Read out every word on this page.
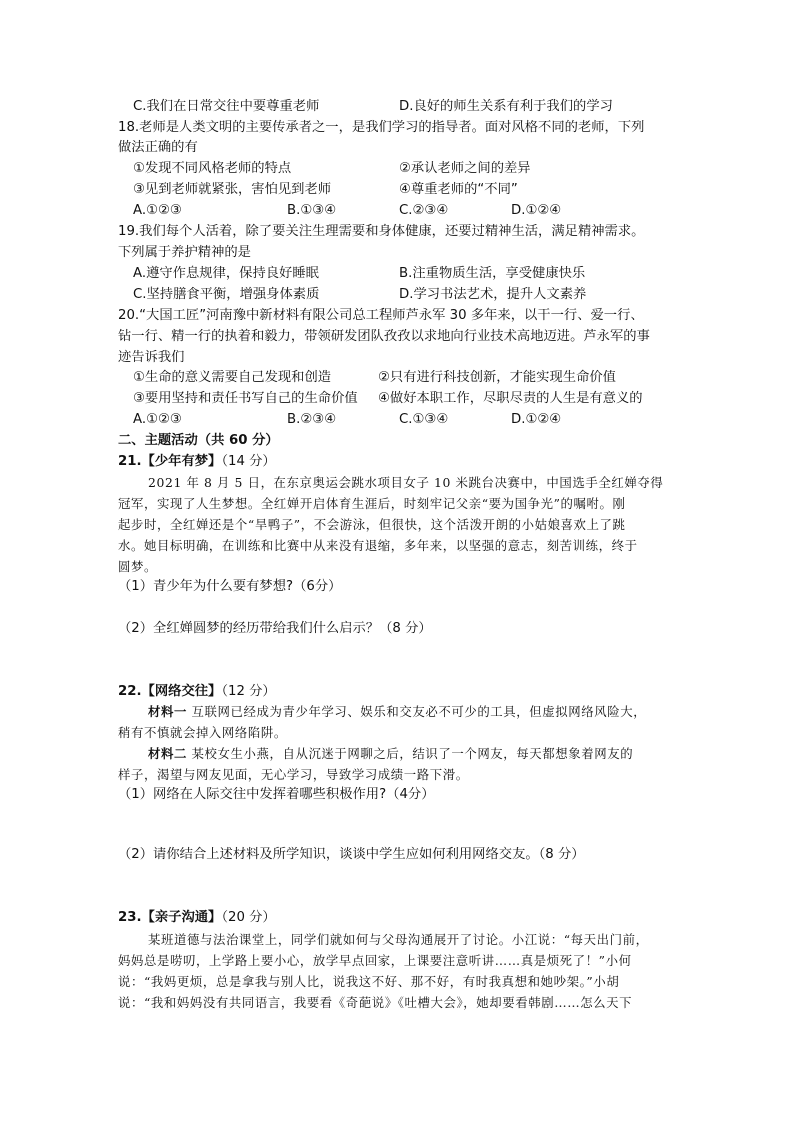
C.我们在日常交往中要尊重老师	D.良好的师生关系有利于我们的学习
18.老师是人类文明的主要传承者之一，是我们学习的指导者。面对风格不同的老师，下列
做法正确的有
①发现不同风格老师的特点	②承认老师之间的差异
③见到老师就紧张，害怕见到老师	④尊重老师的“不同”
A.①②③	B.①③④	C.②③④	D.①②④
19.我们每个人活着，除了要关注生理需要和身体健康，还要过精神生活，满足精神需求。
下列属于养护精神的是
A.遵守作息规律，保持良好睡眠	B.注重物质生活，享受健康快乐
C.坚持膳食平衡，增强身体素质	D.学习书法艺术，提升人文素养
20.“大国工匠”河南豫中新材料有限公司总工程师芦永军 30 多年来，以干一行、爱一行、
钻一行、精一行的执着和毅力，带领研发团队孜孜以求地向行业技术高地迈进。芦永军的事
迹告诉我们
①生命的意义需要自己发现和创造	②只有进行科技创新，才能实现生命价值
③要用坚持和责任书写自己的生命价值 ④做好本职工作，尽职尽责的人生是有意义的
A.①②③	B.②③④	C.①③④	D.①②④
二、主题活动（共 60 分）
21.【少年有梦】（14 分）
2021 年 8 月 5 日，在东京奥运会跳水项目女子 10 米跳台决赛中，中国选手全红婵夺得
冠军，实现了人生梦想。全红婵开启体育生涯后，时刻牢记父亲“要为国争光”的嘱咐。刚
起步时，全红婵还是个“旱鸭子”，不会游泳，但很快，这个活泼开朗的小姑娘喜欢上了跳
水。她目标明确，在训练和比赛中从来没有退缩，多年来，以坚强的意志，刻苦训练，终于
圆梦。
（1）青少年为什么要有梦想?（6分）
（2）全红婵圆梦的经历带给我们什么启示？（8 分）
22.【网络交往】（12 分）
材料一 互联网已经成为青少年学习、娱乐和交友必不可少的工具，但虚拟网络风险大，
稍有不慎就会掉入网络陷阱。
材料二 某校女生小燕，自从沉迷于网聊之后，结识了一个网友，每天都想象着网友的
样子，渴望与网友见面，无心学习，导致学习成绩一路下滑。
（1）网络在人际交往中发挥着哪些积极作用?（4分）
（2）请你结合上述材料及所学知识，谈谈中学生应如何利用网络交友。（8 分）
23.【亲子沟通】（20 分）
某班道德与法治课堂上，同学们就如何与父母沟通展开了讨论。小江说：“每天出门前，
妈妈总是唠叨，上学路上要小心，放学早点回家，上课要注意听讲……真是烦死了！”小何
说：“我妈更烦，总是拿我与别人比，说我这不好、那不好，有时我真想和她吵架。”小胡
说：“我和妈妈没有共同语言，我要看《奇葩说》《吐槽大会》，她却要看韩剧……怎么天下
